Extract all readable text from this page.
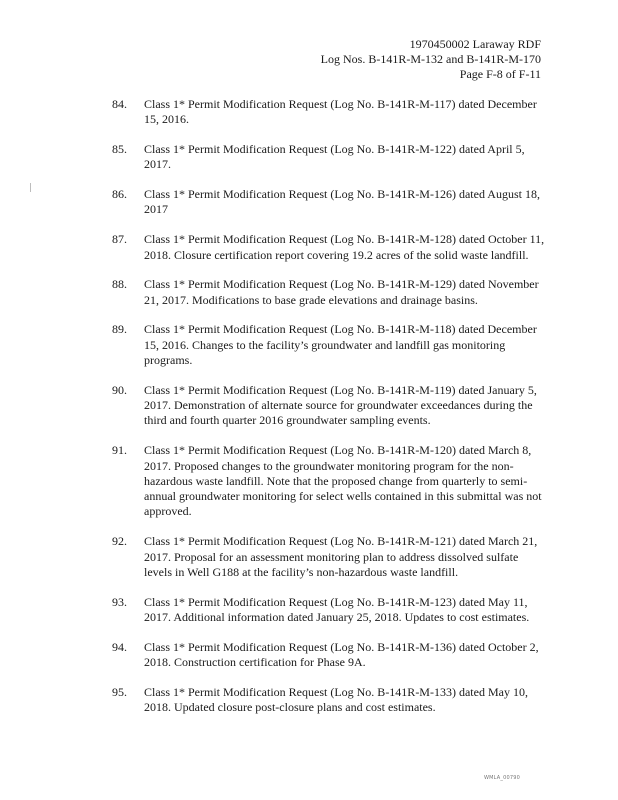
1970450002 Laraway RDF
Log Nos. B-141R-M-132 and B-141R-M-170
Page F-8 of F-11
84. Class 1* Permit Modification Request (Log No. B-141R-M-117) dated December 15, 2016.
85. Class 1* Permit Modification Request (Log No. B-141R-M-122) dated April 5, 2017.
86. Class 1* Permit Modification Request (Log No. B-141R-M-126) dated August 18, 2017
87. Class 1* Permit Modification Request (Log No. B-141R-M-128) dated October 11, 2018. Closure certification report covering 19.2 acres of the solid waste landfill.
88. Class 1* Permit Modification Request (Log No. B-141R-M-129) dated November 21, 2017. Modifications to base grade elevations and drainage basins.
89. Class 1* Permit Modification Request (Log No. B-141R-M-118) dated December 15, 2016. Changes to the facility’s groundwater and landfill gas monitoring programs.
90. Class 1* Permit Modification Request (Log No. B-141R-M-119) dated January 5, 2017. Demonstration of alternate source for groundwater exceedances during the third and fourth quarter 2016 groundwater sampling events.
91. Class 1* Permit Modification Request (Log No. B-141R-M-120) dated March 8, 2017. Proposed changes to the groundwater monitoring program for the non-hazardous waste landfill. Note that the proposed change from quarterly to semi-annual groundwater monitoring for select wells contained in this submittal was not approved.
92. Class 1* Permit Modification Request (Log No. B-141R-M-121) dated March 21, 2017. Proposal for an assessment monitoring plan to address dissolved sulfate levels in Well G188 at the facility’s non-hazardous waste landfill.
93. Class 1* Permit Modification Request (Log No. B-141R-M-123) dated May 11, 2017. Additional information dated January 25, 2018. Updates to cost estimates.
94. Class 1* Permit Modification Request (Log No. B-141R-M-136) dated October 2, 2018. Construction certification for Phase 9A.
95. Class 1* Permit Modification Request (Log No. B-141R-M-133) dated May 10, 2018. Updated closure post-closure plans and cost estimates.
WMLA_00790
